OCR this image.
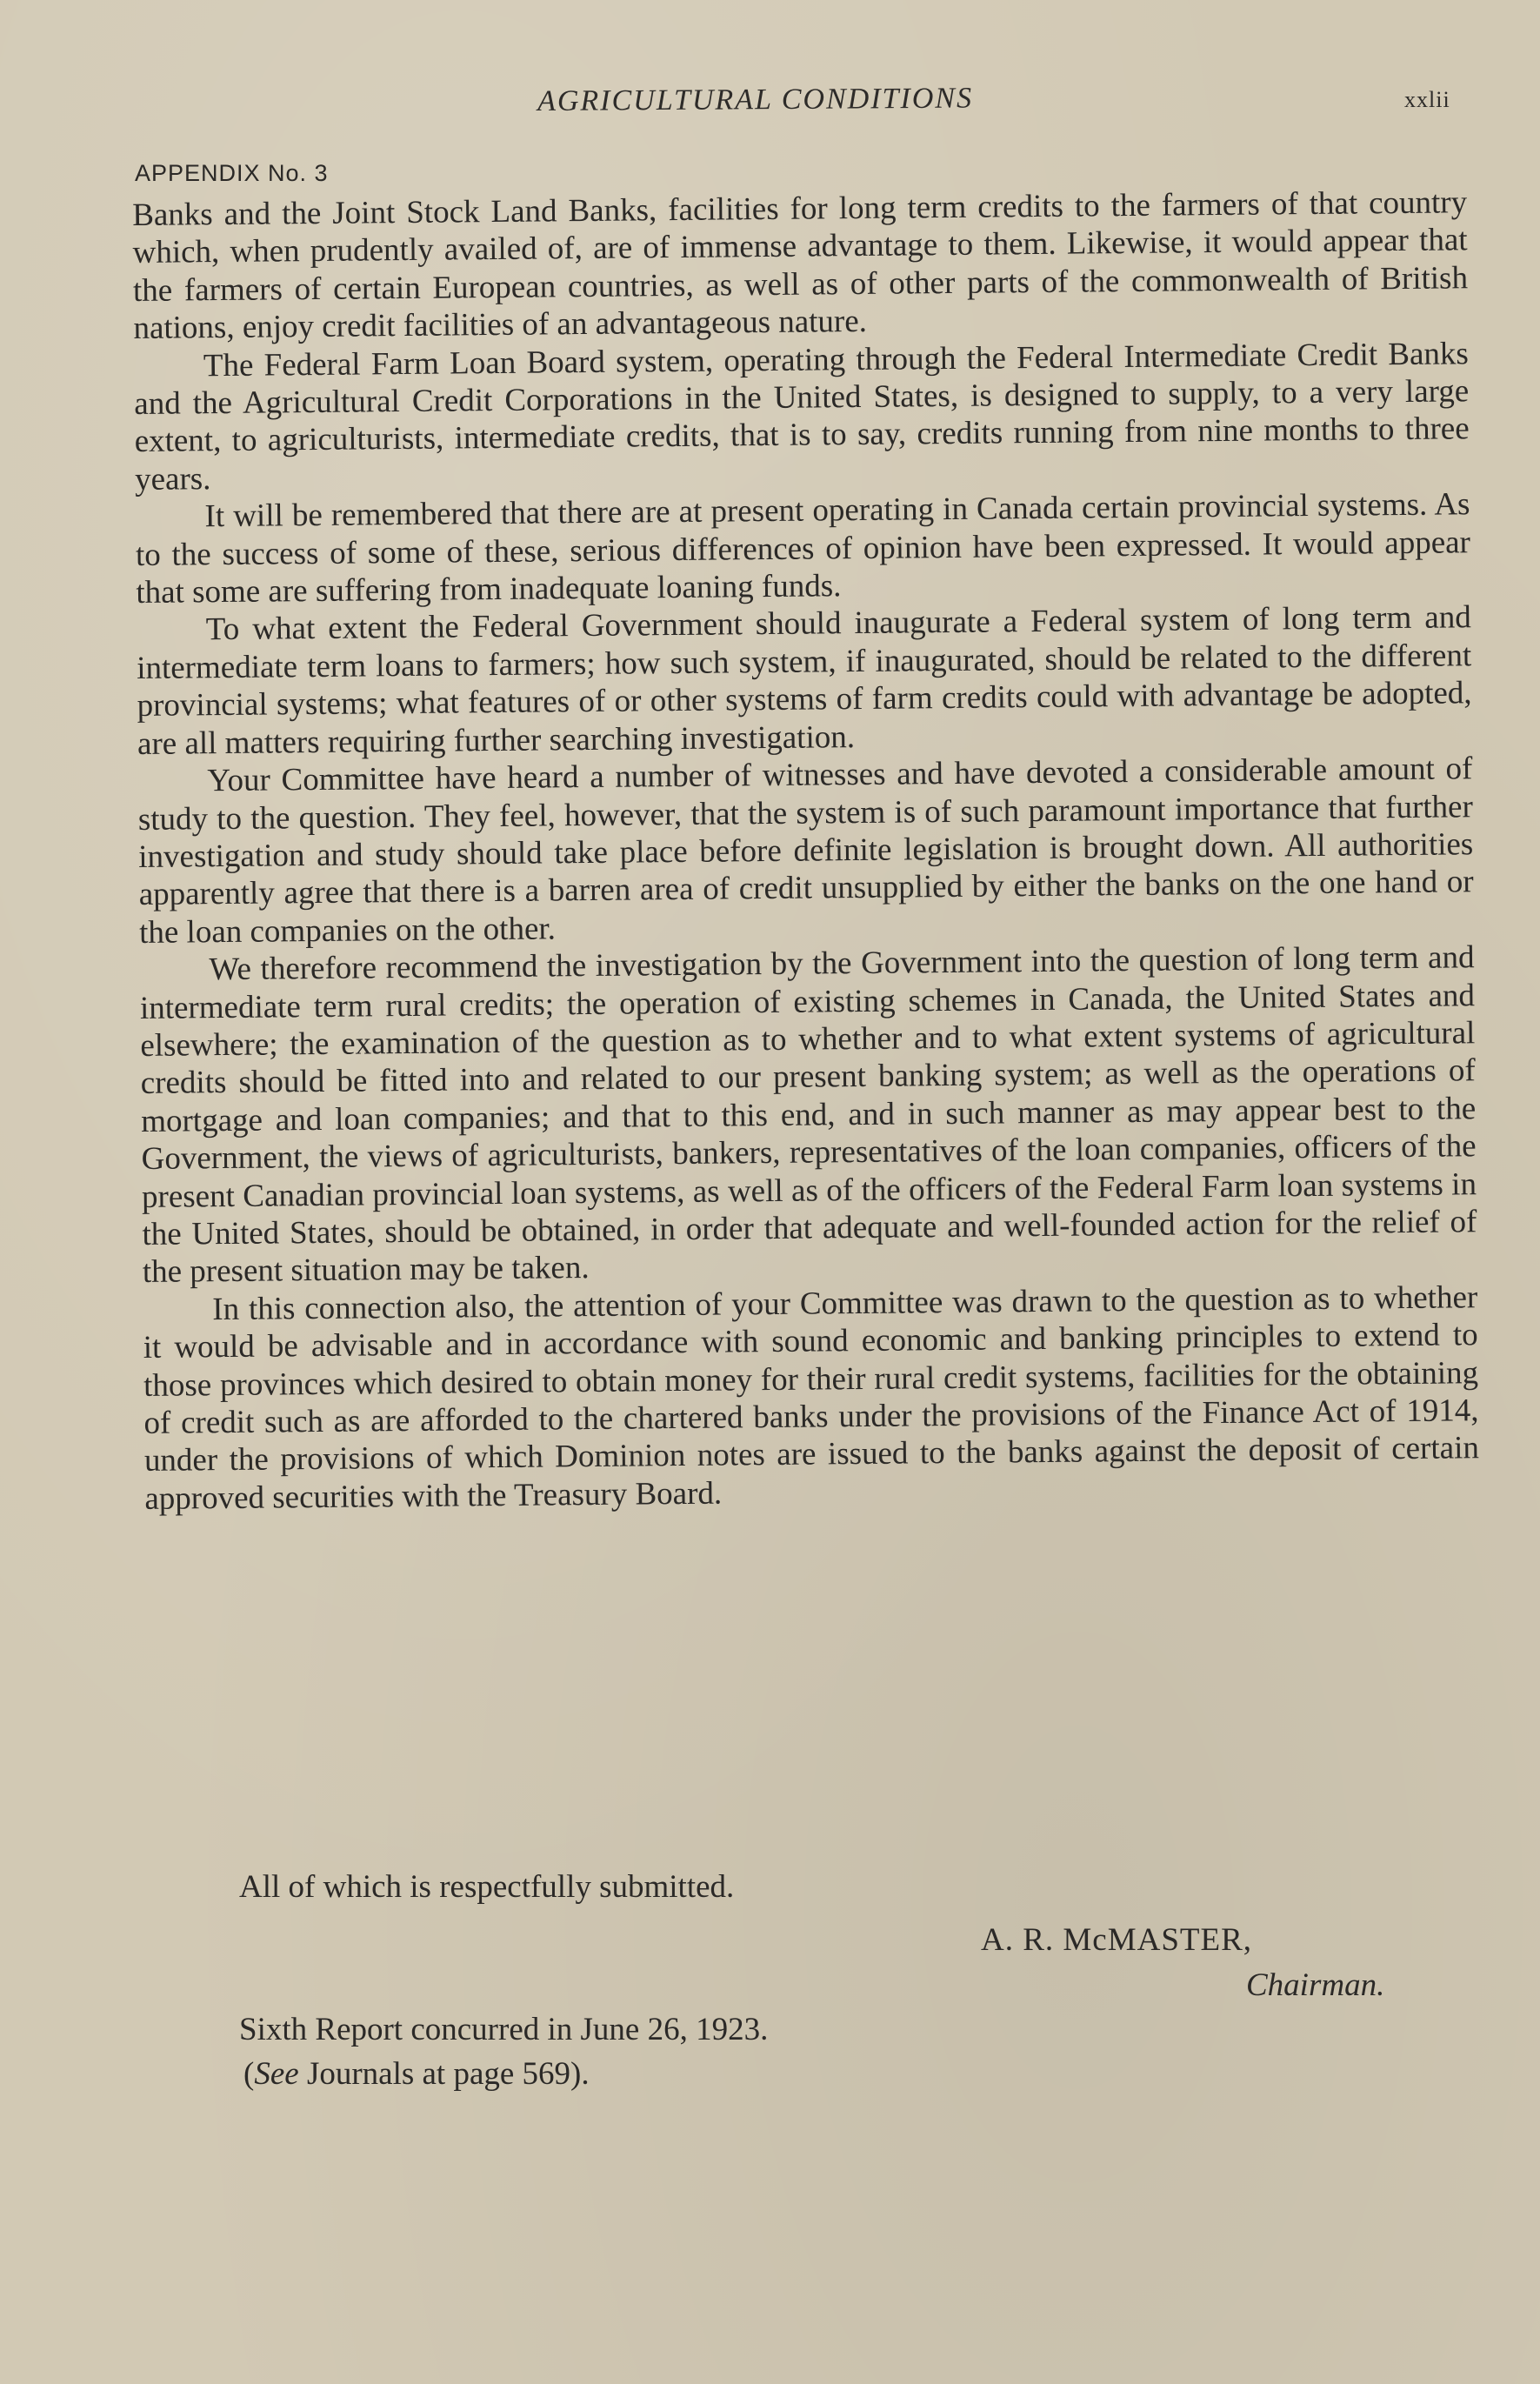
AGRICULTURAL CONDITIONS	xxlii
APPENDIX No. 3

Banks and the Joint Stock Land Banks, facilities for long term credits to the farmers of that country which, when prudently availed of, are of immense advantage to them. Likewise, it would appear that the farmers of certain European countries, as well as of other parts of the commonwealth of British nations, enjoy credit facilities of an advantageous nature.

The Federal Farm Loan Board system, operating through the Federal Intermediate Credit Banks and the Agricultural Credit Corporations in the United States, is designed to supply, to a very large extent, to agriculturists, intermediate credits, that is to say, credits running from nine months to three years.

It will be remembered that there are at present operating in Canada certain provincial systems. As to the success of some of these, serious differences of opinion have been expressed. It would appear that some are suffering from inadequate loaning funds.

To what extent the Federal Government should inaugurate a Federal system of long term and intermediate term loans to farmers; how such system, if inaugurated, should be related to the different provincial systems; what features of or other systems of farm credits could with advantage be adopted, are all matters requiring further searching investigation.

Your Committee have heard a number of witnesses and have devoted a considerable amount of study to the question. They feel, however, that the system is of such paramount importance that further investigation and study should take place before definite legislation is brought down. All authorities apparently agree that there is a barren area of credit unsupplied by either the banks on the one hand or the loan companies on the other.

We therefore recommend the investigation by the Government into the question of long term and intermediate term rural credits; the operation of existing schemes in Canada, the United States and elsewhere; the examination of the question as to whether and to what extent systems of agricultural credits should be fitted into and related to our present banking system; as well as the operations of mortgage and loan companies; and that to this end, and in such manner as may appear best to the Government, the views of agriculturists, bankers, representatives of the loan companies, officers of the present Canadian provincial loan systems, as well as of the officers of the Federal Farm loan systems in the United States, should be obtained, in order that adequate and well-founded action for the relief of the present situation may be taken.

In this connection also, the attention of your Committee was drawn to the question as to whether it would be advisable and in accordance with sound economic and banking principles to extend to those provinces which desired to obtain money for their rural credit systems, facilities for the obtaining of credit such as are afforded to the chartered banks under the provisions of the Finance Act of 1914, under the provisions of which Dominion notes are issued to the banks against the deposit of certain approved securities with the Treasury Board.

All of which is respectfully submitted.
A. R. McMASTER,
Chairman.
Sixth Report concurred in June 26, 1923.
(See Journals at page 569).
